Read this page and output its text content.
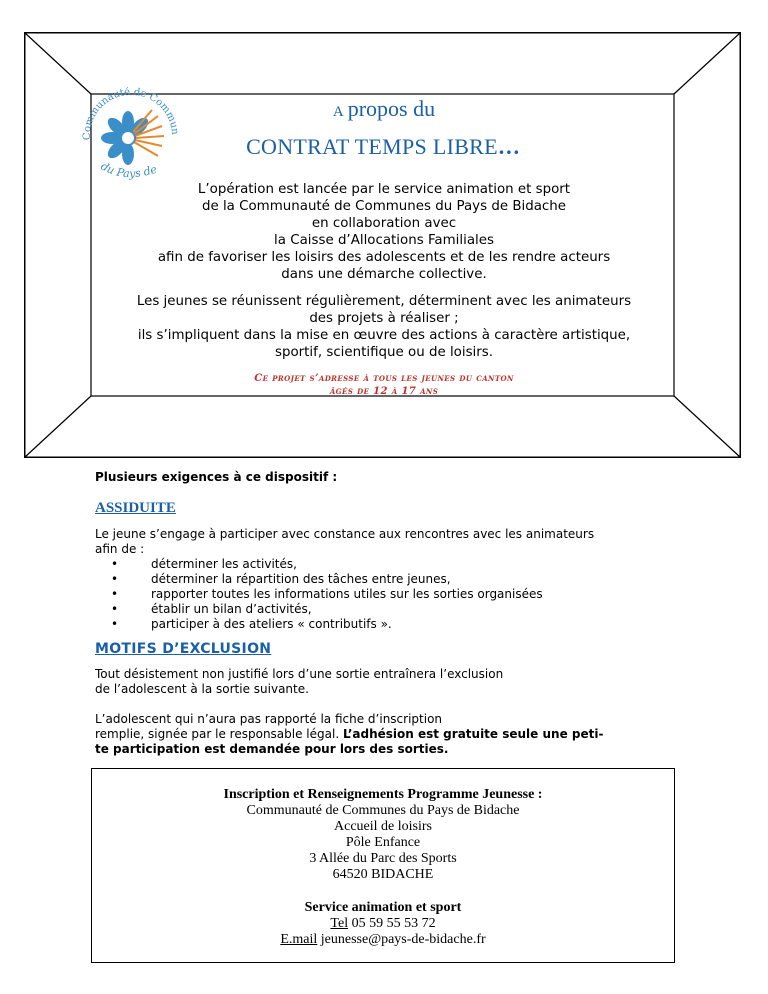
Communauté de Commun
du Pays de
A propos du
CONTRAT TEMPS LIBRE…
L’opération est lancée par le service animation et sport
de la Communauté de Communes du Pays de Bidache
en collaboration avec
la Caisse d’Allocations Familiales
afin de favoriser les loisirs des adolescents et de les rendre acteurs
dans une démarche collective.
Les jeunes se réunissent régulièrement, déterminent avec les animateurs
des projets à réaliser ;
ils s’impliquent dans la mise en œuvre des actions à caractère artistique,
sportif, scientifique ou de loisirs.
Ce projet s’adresse à tous les jeunes du canton
âgés de 12 à 17 ans

Plusieurs exigences à ce dispositif :

ASSIDUITE

Le jeune s’engage à participer avec constance aux rencontres avec les animateurs
afin de :

• déterminer les activités,
• déterminer la répartition des tâches entre jeunes,
• rapporter toutes les informations utiles sur les sorties organisées
• établir un bilan d’activités,
• participer à des ateliers « contributifs ».

MOTIFS D’EXCLUSION

Tout désistement non justifié lors d’une sortie entraînera l’exclusion
de l’adolescent à la sortie suivante.

L’adolescent qui n’aura pas rapporté la fiche d’inscription
remplie, signée par le responsable légal. L’adhésion est gratuite seule une peti-
te participation est demandée pour lors des sorties.

Inscription et Renseignements Programme Jeunesse :
Communauté de Communes du Pays de Bidache
Accueil de loisirs
Pôle Enfance
3 Allée du Parc des Sports
64520 BIDACHE
Service animation et sport
Tel 05 59 55 53 72
E.mail jeunesse@pays-de-bidache.fr
